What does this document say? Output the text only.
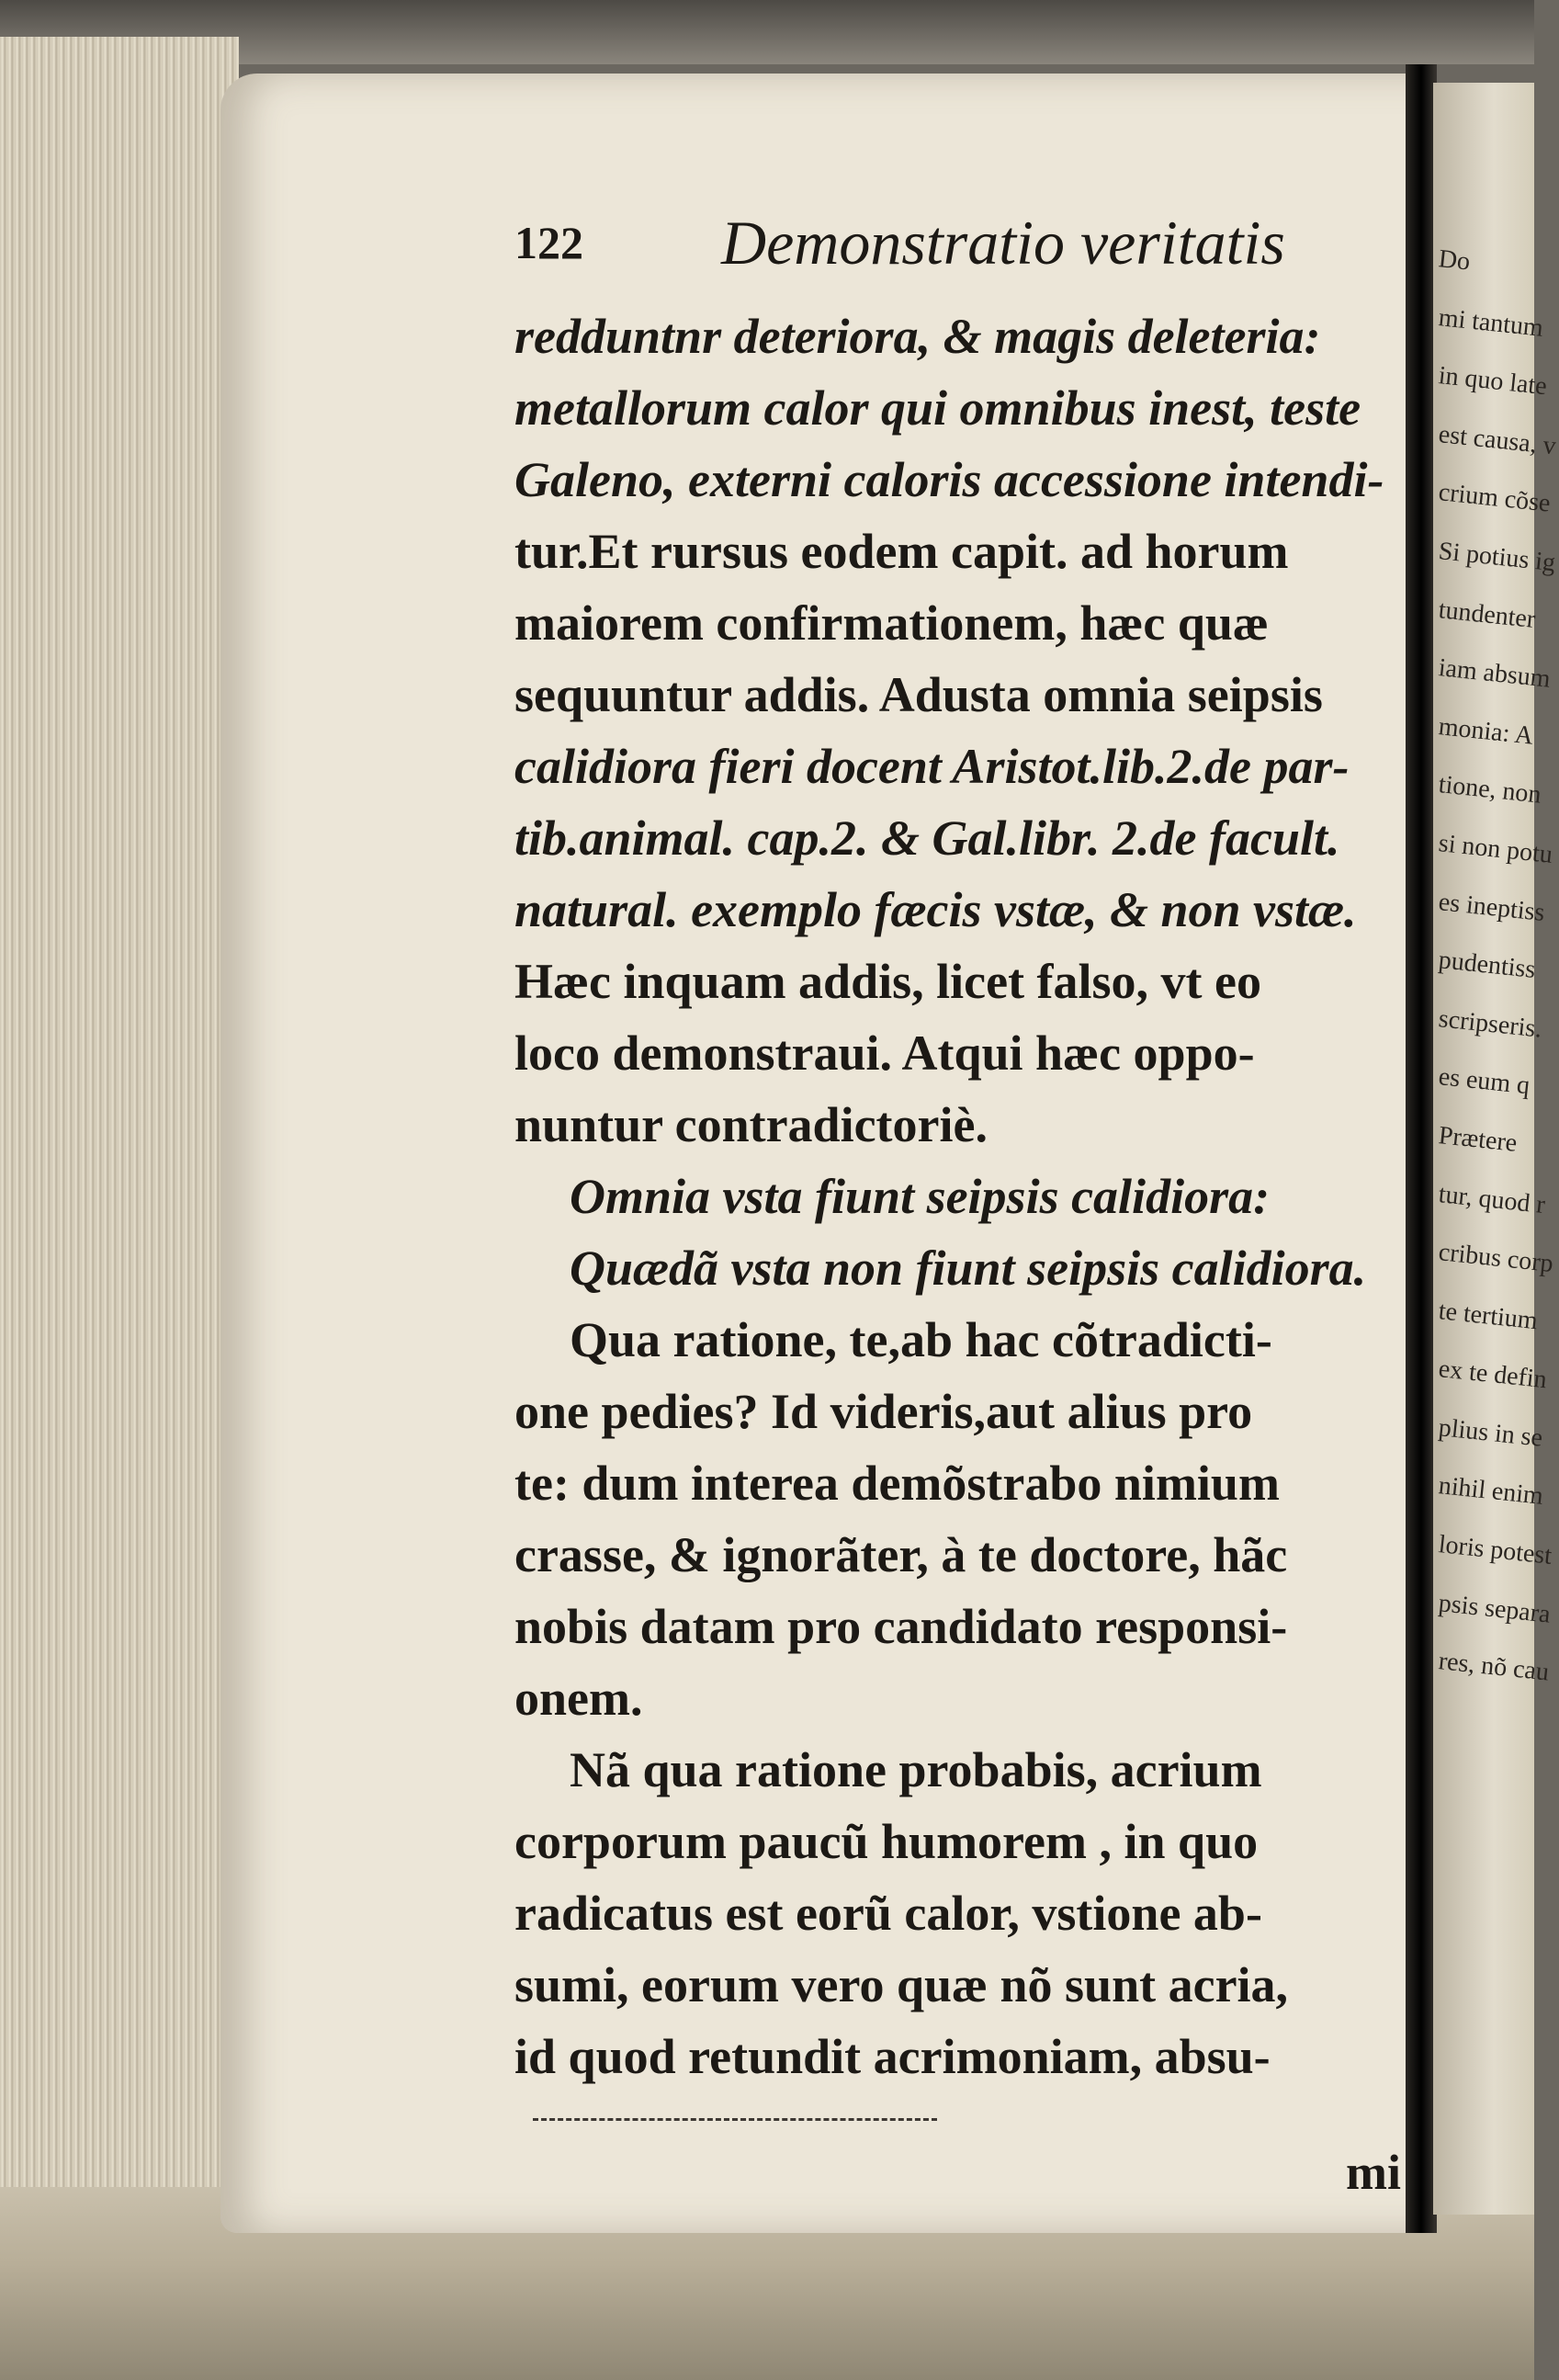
Do
mi tantum
in quo late
est causa, v
crium cõse
Si potius ig
tundenter
iam absum
monia: A
tione, non
si non potu
es ineptiss
pudentiss
scripseris.
es eum q
Prætere
tur, quod r
cribus corp
te tertium
ex te defin
plius in se
nihil enim
loris potest
psis separa
res, nõ cau
122 Demonstratio veritatis
redduntnr deteriora, & magis deleteria:
metallorum calor qui omnibus inest, teste
Galeno, externi caloris accessione intendi-
tur.Et rursus eodem capit. ad horum
maiorem confirmationem, hæc quæ
sequuntur addis. Adusta omnia seipsis
calidiora fieri docent Aristot.lib.2.de par-
tib.animal. cap.2. & Gal.libr. 2.de facult.
natural. exemplo fæcis vstæ, & non vstæ.
Hæc inquam addis, licet falso, vt eo
loco demonstraui. Atqui hæc oppo-
nuntur contradictoriè.
Omnia vsta fiunt seipsis calidiora:
Quædã vsta non fiunt seipsis calidiora.
Qua ratione, te,ab hac cõtradicti-
one pedies? Id videris,aut alius pro
te: dum interea demõstrabo nimium
crasse, & ignorãter, à te doctore, hãc
nobis datam pro candidato responsi-
onem.
Nã qua ratione probabis, acrium
corporum paucũ humorem , in quo
radicatus est eorũ calor, vstione ab-
sumi, eorum vero quæ nõ sunt acria,
id quod retundit acrimoniam, absu-
mi
